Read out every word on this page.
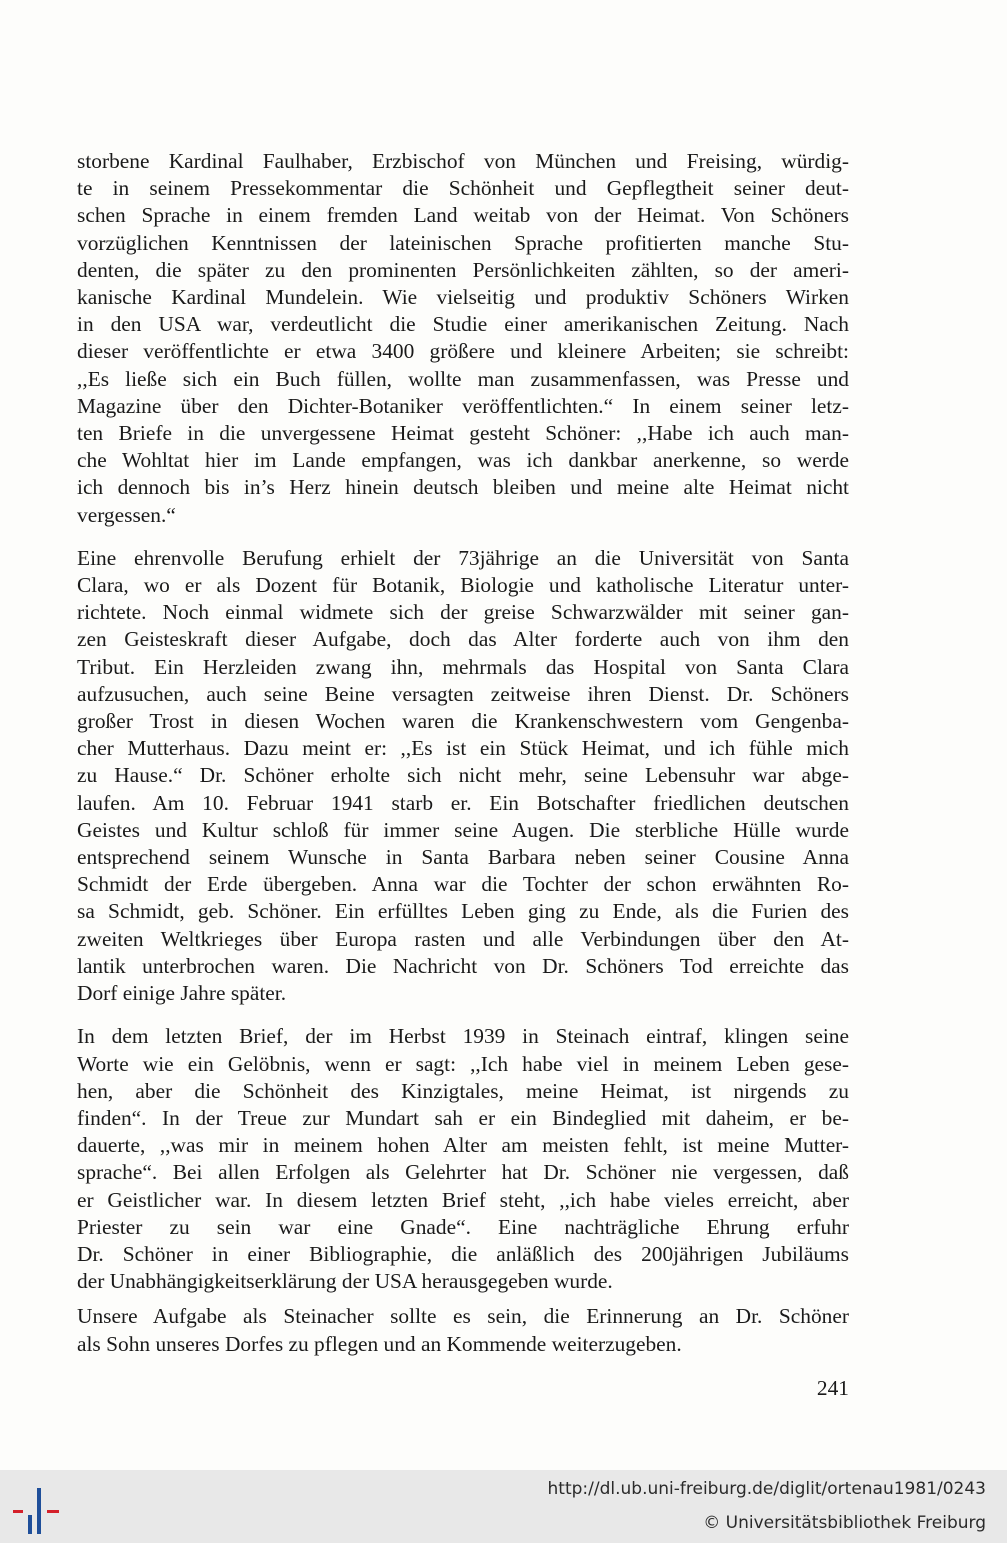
storbene Kardinal Faulhaber, Erzbischof von München und Freising, würdig-
te in seinem Pressekommentar die Schönheit und Gepflegtheit seiner deut-
schen Sprache in einem fremden Land weitab von der Heimat. Von Schöners
vorzüglichen Kenntnissen der lateinischen Sprache profitierten manche Stu-
denten, die später zu den prominenten Persönlichkeiten zählten, so der ameri-
kanische Kardinal Mundelein. Wie vielseitig und produktiv Schöners Wirken
in den USA war, verdeutlicht die Studie einer amerikanischen Zeitung. Nach
dieser veröffentlichte er etwa 3400 größere und kleinere Arbeiten; sie schreibt:
,,Es ließe sich ein Buch füllen, wollte man zusammenfassen, was Presse und
Magazine über den Dichter-Botaniker veröffentlichten.“ In einem seiner letz-
ten Briefe in die unvergessene Heimat gesteht Schöner: ,,Habe ich auch man-
che Wohltat hier im Lande empfangen, was ich dankbar anerkenne, so werde
ich dennoch bis in’s Herz hinein deutsch bleiben und meine alte Heimat nicht
vergessen.“
Eine ehrenvolle Berufung erhielt der 73jährige an die Universität von Santa
Clara, wo er als Dozent für Botanik, Biologie und katholische Literatur unter-
richtete. Noch einmal widmete sich der greise Schwarzwälder mit seiner gan-
zen Geisteskraft dieser Aufgabe, doch das Alter forderte auch von ihm den
Tribut. Ein Herzleiden zwang ihn, mehrmals das Hospital von Santa Clara
aufzusuchen, auch seine Beine versagten zeitweise ihren Dienst. Dr. Schöners
großer Trost in diesen Wochen waren die Krankenschwestern vom Gengenba-
cher Mutterhaus. Dazu meint er: ,,Es ist ein Stück Heimat, und ich fühle mich
zu Hause.“ Dr. Schöner erholte sich nicht mehr, seine Lebensuhr war abge-
laufen. Am 10. Februar 1941 starb er. Ein Botschafter friedlichen deutschen
Geistes und Kultur schloß für immer seine Augen. Die sterbliche Hülle wurde
entsprechend seinem Wunsche in Santa Barbara neben seiner Cousine Anna
Schmidt der Erde übergeben. Anna war die Tochter der schon erwähnten Ro-
sa Schmidt, geb. Schöner. Ein erfülltes Leben ging zu Ende, als die Furien des
zweiten Weltkrieges über Europa rasten und alle Verbindungen über den At-
lantik unterbrochen waren. Die Nachricht von Dr. Schöners Tod erreichte das
Dorf einige Jahre später.
In dem letzten Brief, der im Herbst 1939 in Steinach eintraf, klingen seine
Worte wie ein Gelöbnis, wenn er sagt: ,,Ich habe viel in meinem Leben gese-
hen, aber die Schönheit des Kinzigtales, meine Heimat, ist nirgends zu
finden“. In der Treue zur Mundart sah er ein Bindeglied mit daheim, er be-
dauerte, ,,was mir in meinem hohen Alter am meisten fehlt, ist meine Mutter-
sprache“. Bei allen Erfolgen als Gelehrter hat Dr. Schöner nie vergessen, daß
er Geistlicher war. In diesem letzten Brief steht, ,,ich habe vieles erreicht, aber
Priester zu sein war eine Gnade“. Eine nachträgliche Ehrung erfuhr
Dr. Schöner in einer Bibliographie, die anläßlich des 200jährigen Jubiläums
der Unabhängigkeitserklärung der USA herausgegeben wurde.
Unsere Aufgabe als Steinacher sollte es sein, die Erinnerung an Dr. Schöner
als Sohn unseres Dorfes zu pflegen und an Kommende weiterzugeben.
241
http://dl.ub.uni-freiburg.de/diglit/ortenau1981/0243
© Universitätsbibliothek Freiburg
